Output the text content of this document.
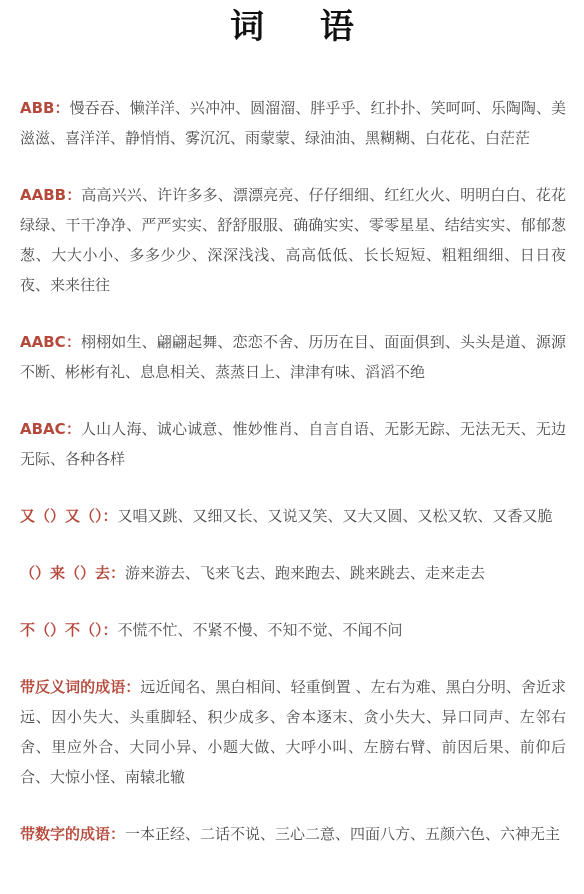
词 语

ABB：慢吞吞、懒洋洋、兴冲冲、圆溜溜、胖乎乎、红扑扑、笑呵呵、乐陶陶、美滋滋、喜洋洋、静悄悄、雾沉沉、雨蒙蒙、绿油油、黑糊糊、白花花、白茫茫

AABB：高高兴兴、许许多多、漂漂亮亮、仔仔细细、红红火火、明明白白、花花绿绿、干干净净、严严实实、舒舒服服、确确实实、零零星星、结结实实、郁郁葱葱、大大小小、多多少少、深深浅浅、高高低低、长长短短、粗粗细细、日日夜夜、来来往往

AABC：栩栩如生、翩翩起舞、恋恋不舍、历历在目、面面俱到、头头是道、源源不断、彬彬有礼、息息相关、蒸蒸日上、津津有味、滔滔不绝

ABAC：人山人海、诚心诚意、惟妙惟肖、自言自语、无影无踪、无法无天、无边无际、各种各样

又（）又（）：又唱又跳、又细又长、又说又笑、又大又圆、又松又软、又香又脆

（）来（）去：游来游去、飞来飞去、跑来跑去、跳来跳去、走来走去

不（）不（）：不慌不忙、不紧不慢、不知不觉、不闻不问

带反义词的成语：远近闻名、黑白相间、轻重倒置 、左右为难、黑白分明、舍近求远、因小失大、头重脚轻、积少成多、舍本逐末、贪小失大、异口同声、左邻右舍、里应外合、大同小异、小题大做、大呼小叫、左膀右臂、前因后果、前仰后合、大惊小怪、南辕北辙

带数字的成语：一本正经、二话不说、三心二意、四面八方、五颜六色、六神无主
